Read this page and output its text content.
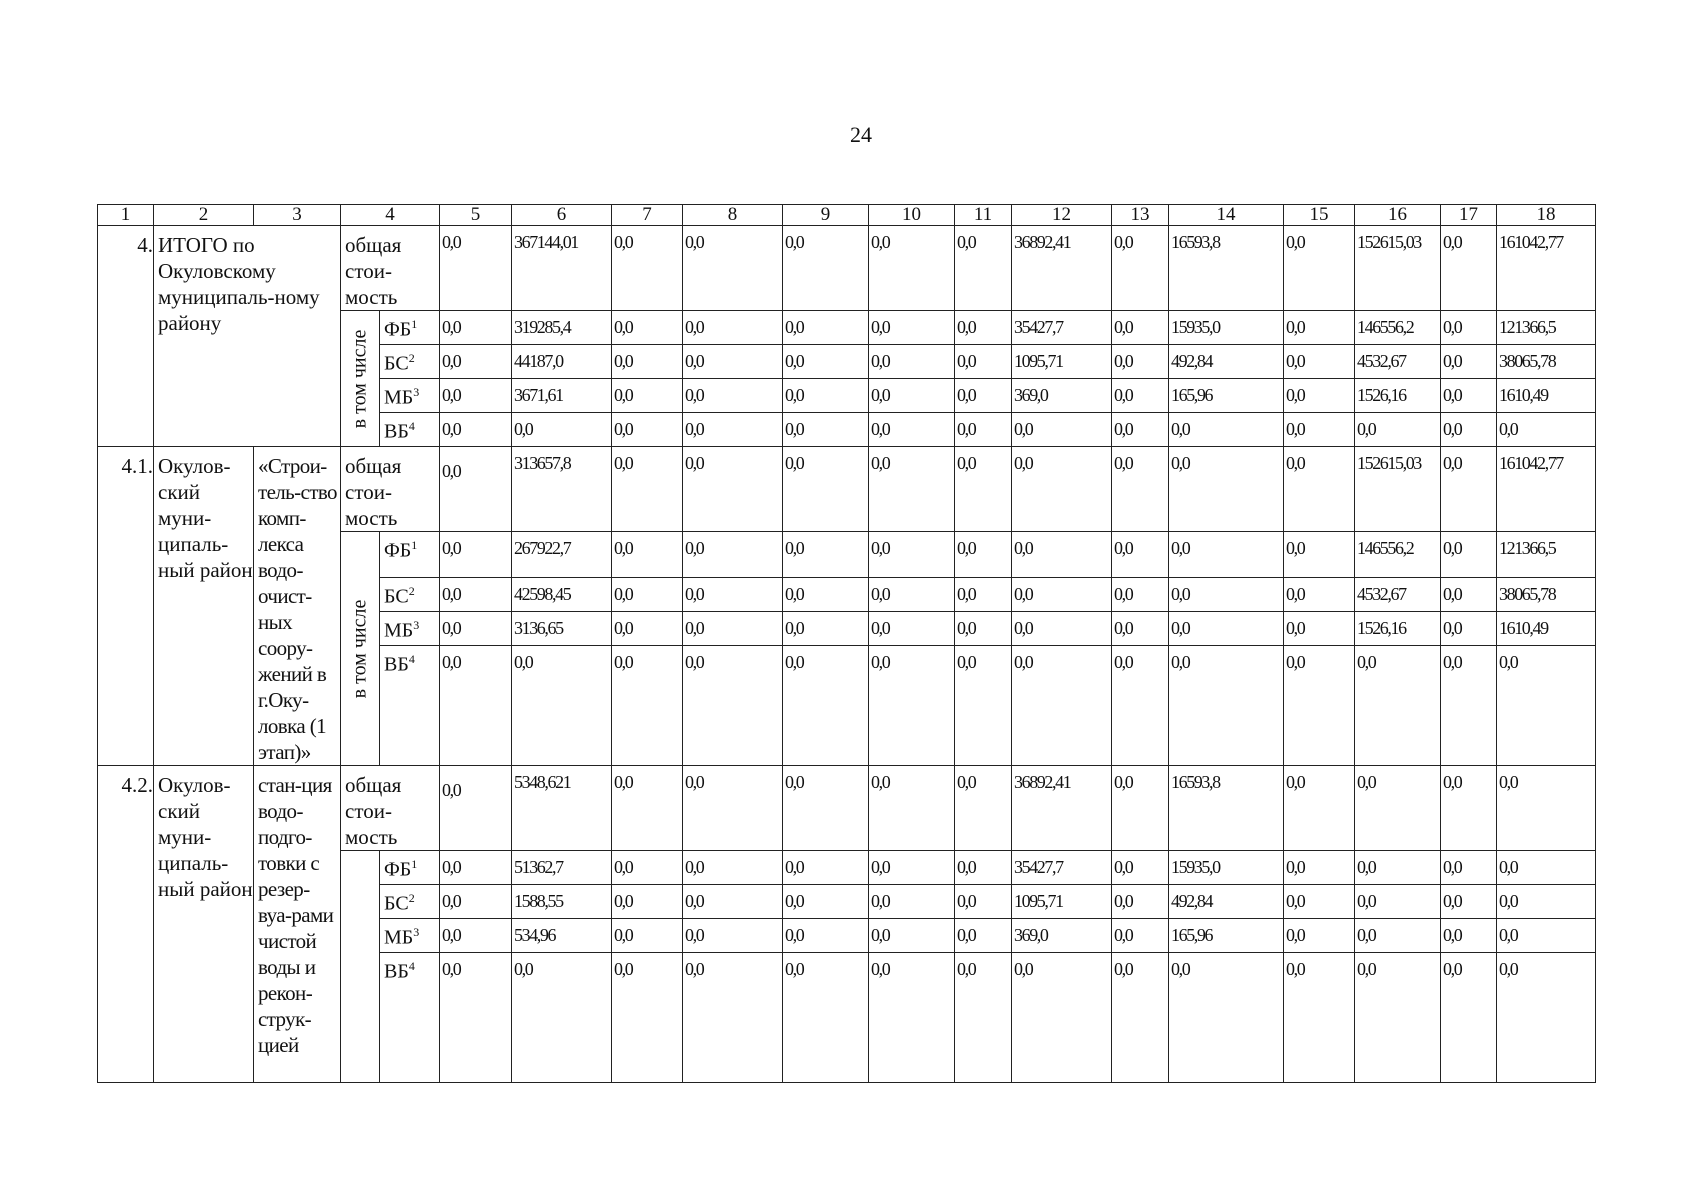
24
1	2	3	4		5	6	7	8	9	10	11	12	13	14	15	16	17	18
4.	ИТОГО по Окуловскому муниципаль-ному району		общая стои-мость		0,0	367144,01	0,0	0,0	0,0	0,0	0,0	36892,41	0,0	16593,8	0,0	152615,03	0,0	161042,77

			в том числе	$ФБ^1$	0,0	319285,4	0,0	0,0	0,0	0,0	0,0	35427,7	0,0	15935,0	0,0	146556,2	0,0	121366,5
				$БС^2$	0,0	44187,0	0,0	0,0	0,0	0,0	0,0	1095,71	0,0	492,84	0,0	4532,67	0,0	38065,78
				$МБ^3$	0,0	3671,61	0,0	0,0	0,0	0,0	0,0	369,0	0,0	165,96	0,0	1526,16	0,0	1610,49
				$ВБ^4$	0,0	0,0	0,0	0,0	0,0	0,0	0,0	0,0	0,0	0,0	0,0	0,0	0,0	0,0
4.1.	Окулов-ский муни-ципаль-ный район	«Строи-тель-ство комп-лекса водо-очист-ных соору-жений в г.Оку-ловка (1 этап)»	общая стои-мость		0,0	313657,8	0,0	0,0	0,0	0,0	0,0	0,0	0,0	0,0	0,0	152615,03	0,0	161042,77

			в том числе	$ФБ^1$	0,0	267922,7	0,0	0,0	0,0	0,0	0,0	0,0	0,0	0,0	0,0	146556,2	0,0	121366,5
				$БС^2$	0,0	42598,45	0,0	0,0	0,0	0,0	0,0	0,0	0,0	0,0	0,0	4532,67	0,0	38065,78
				$МБ^3$	0,0	3136,65	0,0	0,0	0,0	0,0	0,0	0,0	0,0	0,0	0,0	1526,16	0,0	1610,49
				$ВБ^4$	0,0	0,0	0,0	0,0	0,0	0,0	0,0	0,0	0,0	0,0	0,0	0,0	0,0	0,0
4.2.	Окулов-ский муни-ципаль-ный район	стан-ция водо-подго-товки с резер-вуа-рами чистой воды и рекон-струк-цией	общая стои-мость		0,0	5348,621	0,0	0,0	0,0	0,0	0,0	36892,41	0,0	16593,8	0,0	0,0	0,0	0,0
				$ФБ^1$	0,0	51362,7	0,0	0,0	0,0	0,0	0,0	35427,7	0,0	15935,0	0,0	0,0	0,0	0,0
				$БС^2$	0,0	1588,55	0,0	0,0	0,0	0,0	0,0	1095,71	0,0	492,84	0,0	0,0	0,0	0,0
				$МБ^3$	0,0	534,96	0,0	0,0	0,0	0,0	0,0	369,0	0,0	165,96	0,0	0,0	0,0	0,0
				$ВБ^4$	0,0	0,0	0,0	0,0	0,0	0,0	0,0	0,0	0,0	0,0	0,0	0,0	0,0	0,0
